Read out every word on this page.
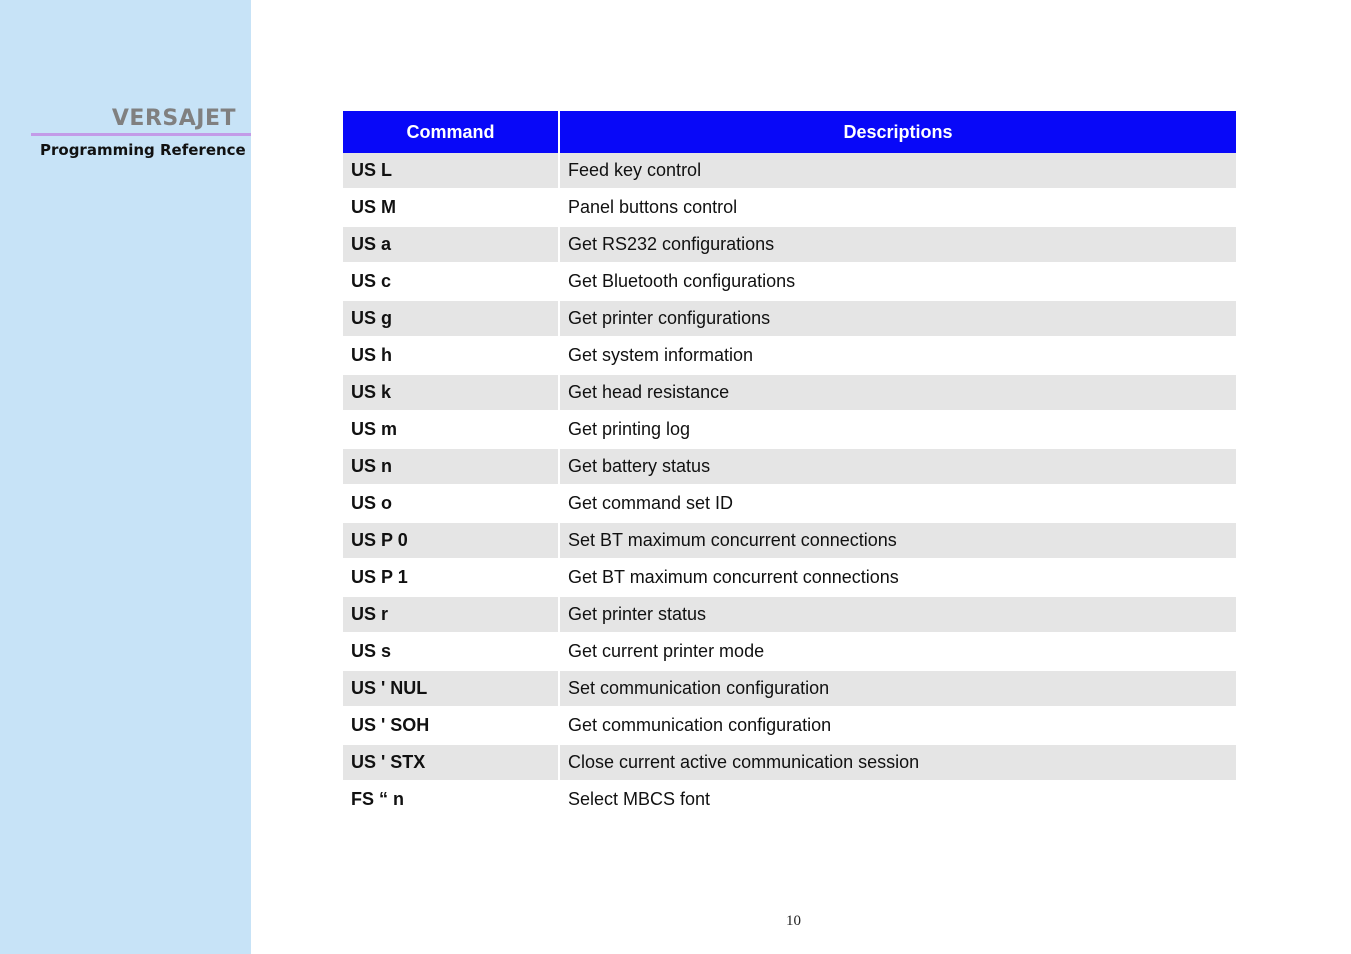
VERSAJET
Programming Reference
Command	Descriptions
US L	Feed key control
US M	Panel buttons control
US a	Get RS232 configurations
US c	Get Bluetooth configurations
US g	Get printer configurations
US h	Get system information
US k	Get head resistance
US m	Get printing log
US n	Get battery status
US o	Get command set ID
US P 0	Set BT maximum concurrent connections
US P 1	Get BT maximum concurrent connections
US r	Get printer status
US s	Get current printer mode
US ' NUL	Set communication configuration
US ' SOH	Get communication configuration
US ' STX	Close current active communication session
FS “ n	Select MBCS font
10
